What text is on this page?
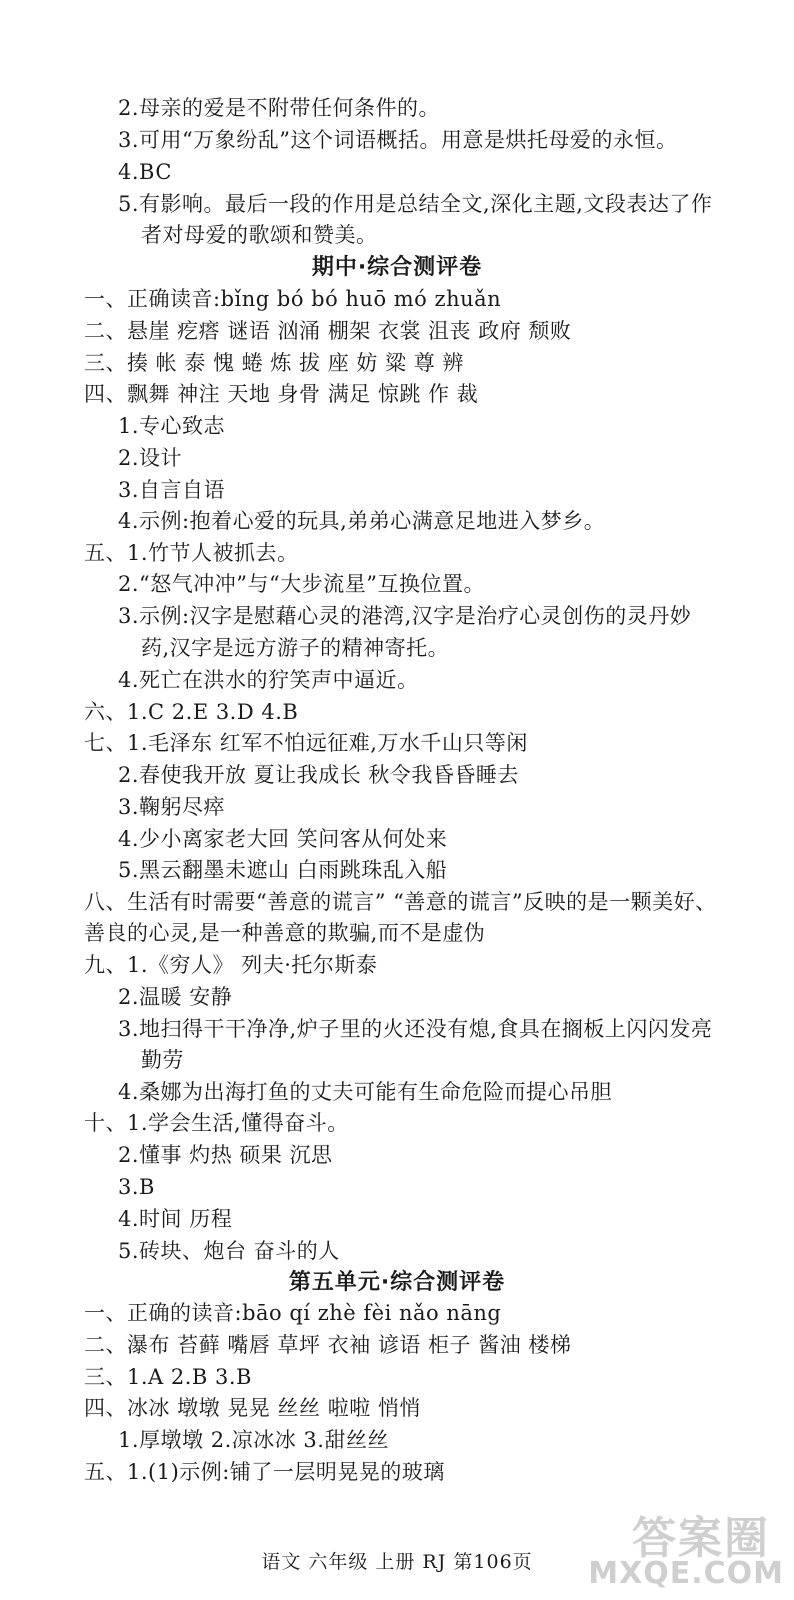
2.母亲的爱是不附带任何条件的。
3.可用“万象纷乱”这个词语概括。用意是烘托母爱的永恒。
4.BC
5.有影响。最后一段的作用是总结全文,深化主题,文段表达了作
者对母爱的歌颂和赞美。
期中·综合测评卷
一、正确读音:bǐng bó bó huō mó zhuǎn
二、悬崖 疙瘩 谜语 汹涌 棚架 衣裳 沮丧 政府 颓败
三、揍 帐 泰 愧 蜷 炼 拔 座 妨 粱 尊 辨
四、飘舞 神注 天地 身骨 满足 惊跳 作 裁
1.专心致志
2.设计
3.自言自语
4.示例:抱着心爱的玩具,弟弟心满意足地进入梦乡。
五、1.竹节人被抓去。
2.“怒气冲冲”与“大步流星”互换位置。
3.示例:汉字是慰藉心灵的港湾,汉字是治疗心灵创伤的灵丹妙
药,汉字是远方游子的精神寄托。
4.死亡在洪水的狞笑声中逼近。
六、1.C 2.E 3.D 4.B
七、1.毛泽东 红军不怕远征难,万水千山只等闲
2.春使我开放 夏让我成长 秋令我昏昏睡去
3.鞠躬尽瘁
4.少小离家老大回 笑问客从何处来
5.黑云翻墨未遮山 白雨跳珠乱入船
八、生活有时需要“善意的谎言” “善意的谎言”反映的是一颗美好、
善良的心灵,是一种善意的欺骗,而不是虚伪
九、1.《穷人》 列夫·托尔斯泰
2.温暖 安静
3.地扫得干干净净,炉子里的火还没有熄,食具在搁板上闪闪发亮
勤劳
4.桑娜为出海打鱼的丈夫可能有生命危险而提心吊胆
十、1.学会生活,懂得奋斗。
2.懂事 灼热 硕果 沉思
3.B
4.时间 历程
5.砖块、炮台 奋斗的人
第五单元·综合测评卷
一、正确的读音:bāo qí zhè fèi nǎo nāng
二、瀑布 苔藓 嘴唇 草坪 衣袖 谚语 柜子 酱油 楼梯
三、1.A 2.B 3.B
四、冰冰 墩墩 晃晃 丝丝 啦啦 悄悄
1.厚墩墩 2.凉冰冰 3.甜丝丝
五、1.(1)示例:铺了一层明晃晃的玻璃
语文 六年级 上册 RJ 第106页	答案圈
MXQE.COM
